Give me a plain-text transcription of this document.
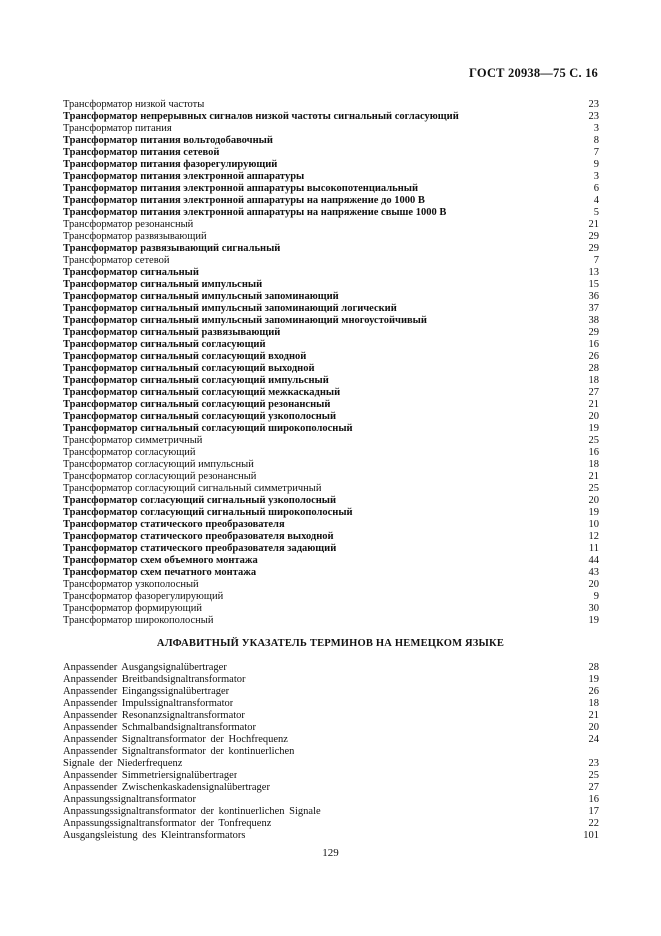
ГОСТ 20938—75 С. 16
Трансформатор низкой частоты	23
Трансформатор непрерывных сигналов низкой частоты сигнальный согласующий	23
Трансформатор питания	3
Трансформатор питания вольтодобавочный	8
Трансформатор питания сетевой	7
Трансформатор питания фазорегулирующий	9
Трансформатор питания электронной аппаратуры	3
Трансформатор питания электронной аппаратуры высокопотенциальный	6
Трансформатор питания электронной аппаратуры на напряжение до 1000 В	4
Трансформатор питания электронной аппаратуры на напряжение свыше 1000 В	5
Трансформатор резонансный	21
Трансформатор развязывающий	29
Трансформатор развязывающий сигнальный	29
Трансформатор сетевой	7
Трансформатор сигнальный	13
Трансформатор сигнальный импульсный	15
Трансформатор сигнальный импульсный запоминающий	36
Трансформатор сигнальный импульсный запоминающий логический	37
Трансформатор сигнальный импульсный запоминающий многоустойчивый	38
Трансформатор сигнальный развязывающий	29
Трансформатор сигнальный согласующий	16
Трансформатор сигнальный согласующий входной	26
Трансформатор сигнальный согласующий выходной	28
Трансформатор сигнальный согласующий импульсный	18
Трансформатор сигнальный согласующий межкаскадный	27
Трансформатор сигнальный согласующий резонансный	21
Трансформатор сигнальный согласующий узкополосный	20
Трансформатор сигнальный согласующий широкополосный	19
Трансформатор симметричный	25
Трансформатор согласующий	16
Трансформатор согласующий импульсный	18
Трансформатор согласующий резонансный	21
Трансформатор согласующий сигнальный симметричный	25
Трансформатор согласующий сигнальный узкополосный	20
Трансформатор согласующий сигнальный широкополосный	19
Трансформатор статического преобразователя	10
Трансформатор статического преобразователя выходной	12
Трансформатор статического преобразователя задающий	11
Трансформатор схем объемного монтажа	44
Трансформатор схем печатного монтажа	43
Трансформатор узкополосный	20
Трансформатор фазорегулирующий	9
Трансформатор формирующий	30
Трансформатор широкополосный	19
АЛФАВИТНЫЙ УКАЗАТЕЛЬ ТЕРМИНОВ НА НЕМЕЦКОМ ЯЗЫКЕ
Anpassender Ausgangsignalübertrager	28
Anpassender Breitbandsignaltransformator	19
Anpassender Eingangssignalübertrager	26
Anpassender Impulssignaltransformator	18
Anpassender Resonanzsignaltransformator	21
Anpassender Schmalbandsignaltransformator	20
Anpassender Signaltransformator der Hochfrequenz	24
Anpassender Signaltransformator der kontinuerlichen
Signale der Niederfrequenz	23
Anpassender Simmetriersignalübertrager	25
Anpassender Zwischenkaskadensignalübertrager	27
Anpassungssignaltransformator	16
Anpassungssignaltransformator der kontinuerlichen Signale	17
Anpassungssignaltransformator der Tonfrequenz	22
Ausgangsleistung des Kleintransformators	101
129
